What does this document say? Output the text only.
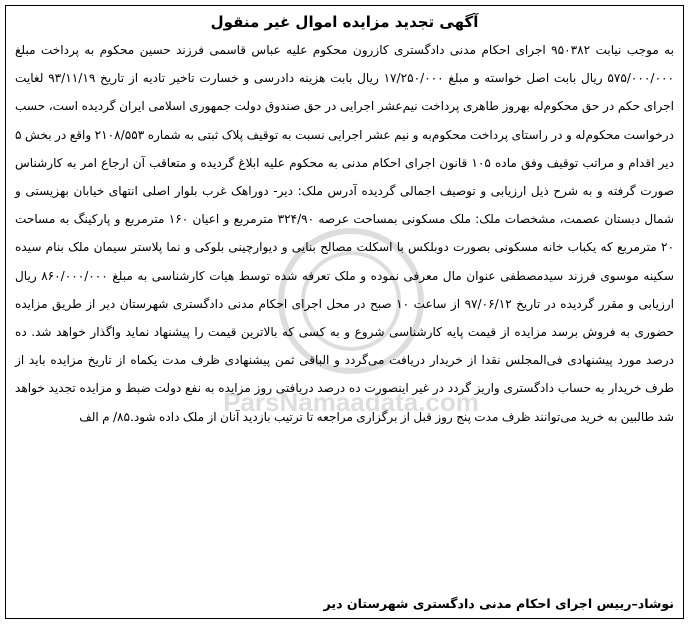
آگهی تجدید مزایده اموال غیر منقول
به موجب نیابت ۹۵۰۳۸۲ اجرای احکام مدنی دادگستری کازرون محکوم علیه عباس قاسمی فرزند حسین محکوم به پرداخت مبلغ ۵۷۵/۰۰۰/۰۰۰ ریال بابت اصل خواسته و مبلغ ۱۷/۲۵۰/۰۰۰ ریال بابت هزینه دادرسی و خسارت تاخیر تادیه از تاریخ ۹۳/۱۱/۱۹ لغایت اجرای حکم در حق محکوم‌له بهروز طاهری پرداخت نیم‌عشر اجرایی در حق صندوق دولت جمهوری اسلامی ایران گردیده است، حسب درخواست محکوم‌له و در راستای پرداخت محکوم‌به و نیم عشر اجرایی نسبت به توقیف پلاک ثبتی به شماره ۲۱۰۸/۵۵۳ واقع در بخش ۵ دیر اقدام و مراتب توقیف وفق ماده ۱۰۵ قانون اجرای احکام مدنی به محکوم علیه ابلاغ گردیده و متعاقب آن ارجاع امر به کارشناس صورت گرفته و به شرح ذیل ارزیابی و توصیف اجمالی گردیده آدرس ملک: دیر- دوراهک غرب بلوار اصلی انتهای خیابان بهزیستی و شمال دبستان عصمت، مشخصات ملک: ملک مسکونی بمساحت عرصه ۳۲۴/۹۰ مترمربع و اعیان ۱۶۰ مترمربع و پارکینگ به مساحت ۲۰ مترمربع که یکباب خانه مسکونی بصورت دوبلکس با اسکلت مصالح بنایی و دیوارچینی بلوکی و نما پلاستر سیمان ملک بنام سیده سکینه موسوی فرزند سیدمصطفی عنوان مال معرفی نموده و ملک تعرفه شده توسط هیات کارشناسی به مبلغ ۸۶۰/۰۰۰/۰۰۰ ریال ارزیابی و مقرر گردیده در تاریخ ۹۷/۰۶/۱۲ از ساعت ۱۰ صبح در محل اجرای احکام مدنی دادگستری شهرستان دیر از طریق مزایده حضوری به فروش برسد مزایده از قیمت پایه کارشناسی شروع و به کسی که بالاترین قیمت را پیشنهاد نماید واگذار خواهد شد. ده درصد مورد پیشنهادی فی‌المجلس نقدا از خریدار دریافت می‌گردد و الباقی ثمن پیشنهادی ظرف مدت یکماه از تاریخ مزایده باید از طرف خریدار به حساب دادگستری واریز گردد در غیر اینصورت ده درصد دریافتی روز مزایده به نفع دولت ضبط و مزایده تجدید خواهد شد طالبین به خرید می‌توانند ظرف مدت پنج روز قبل از برگزاری مراجعه تا ترتیب بازدید آنان از ملک داده شود.۸۵/ م الف
ParsNamaadata.com
نوشاد–رییس اجرای احکام مدنی دادگستری شهرستان دیر
